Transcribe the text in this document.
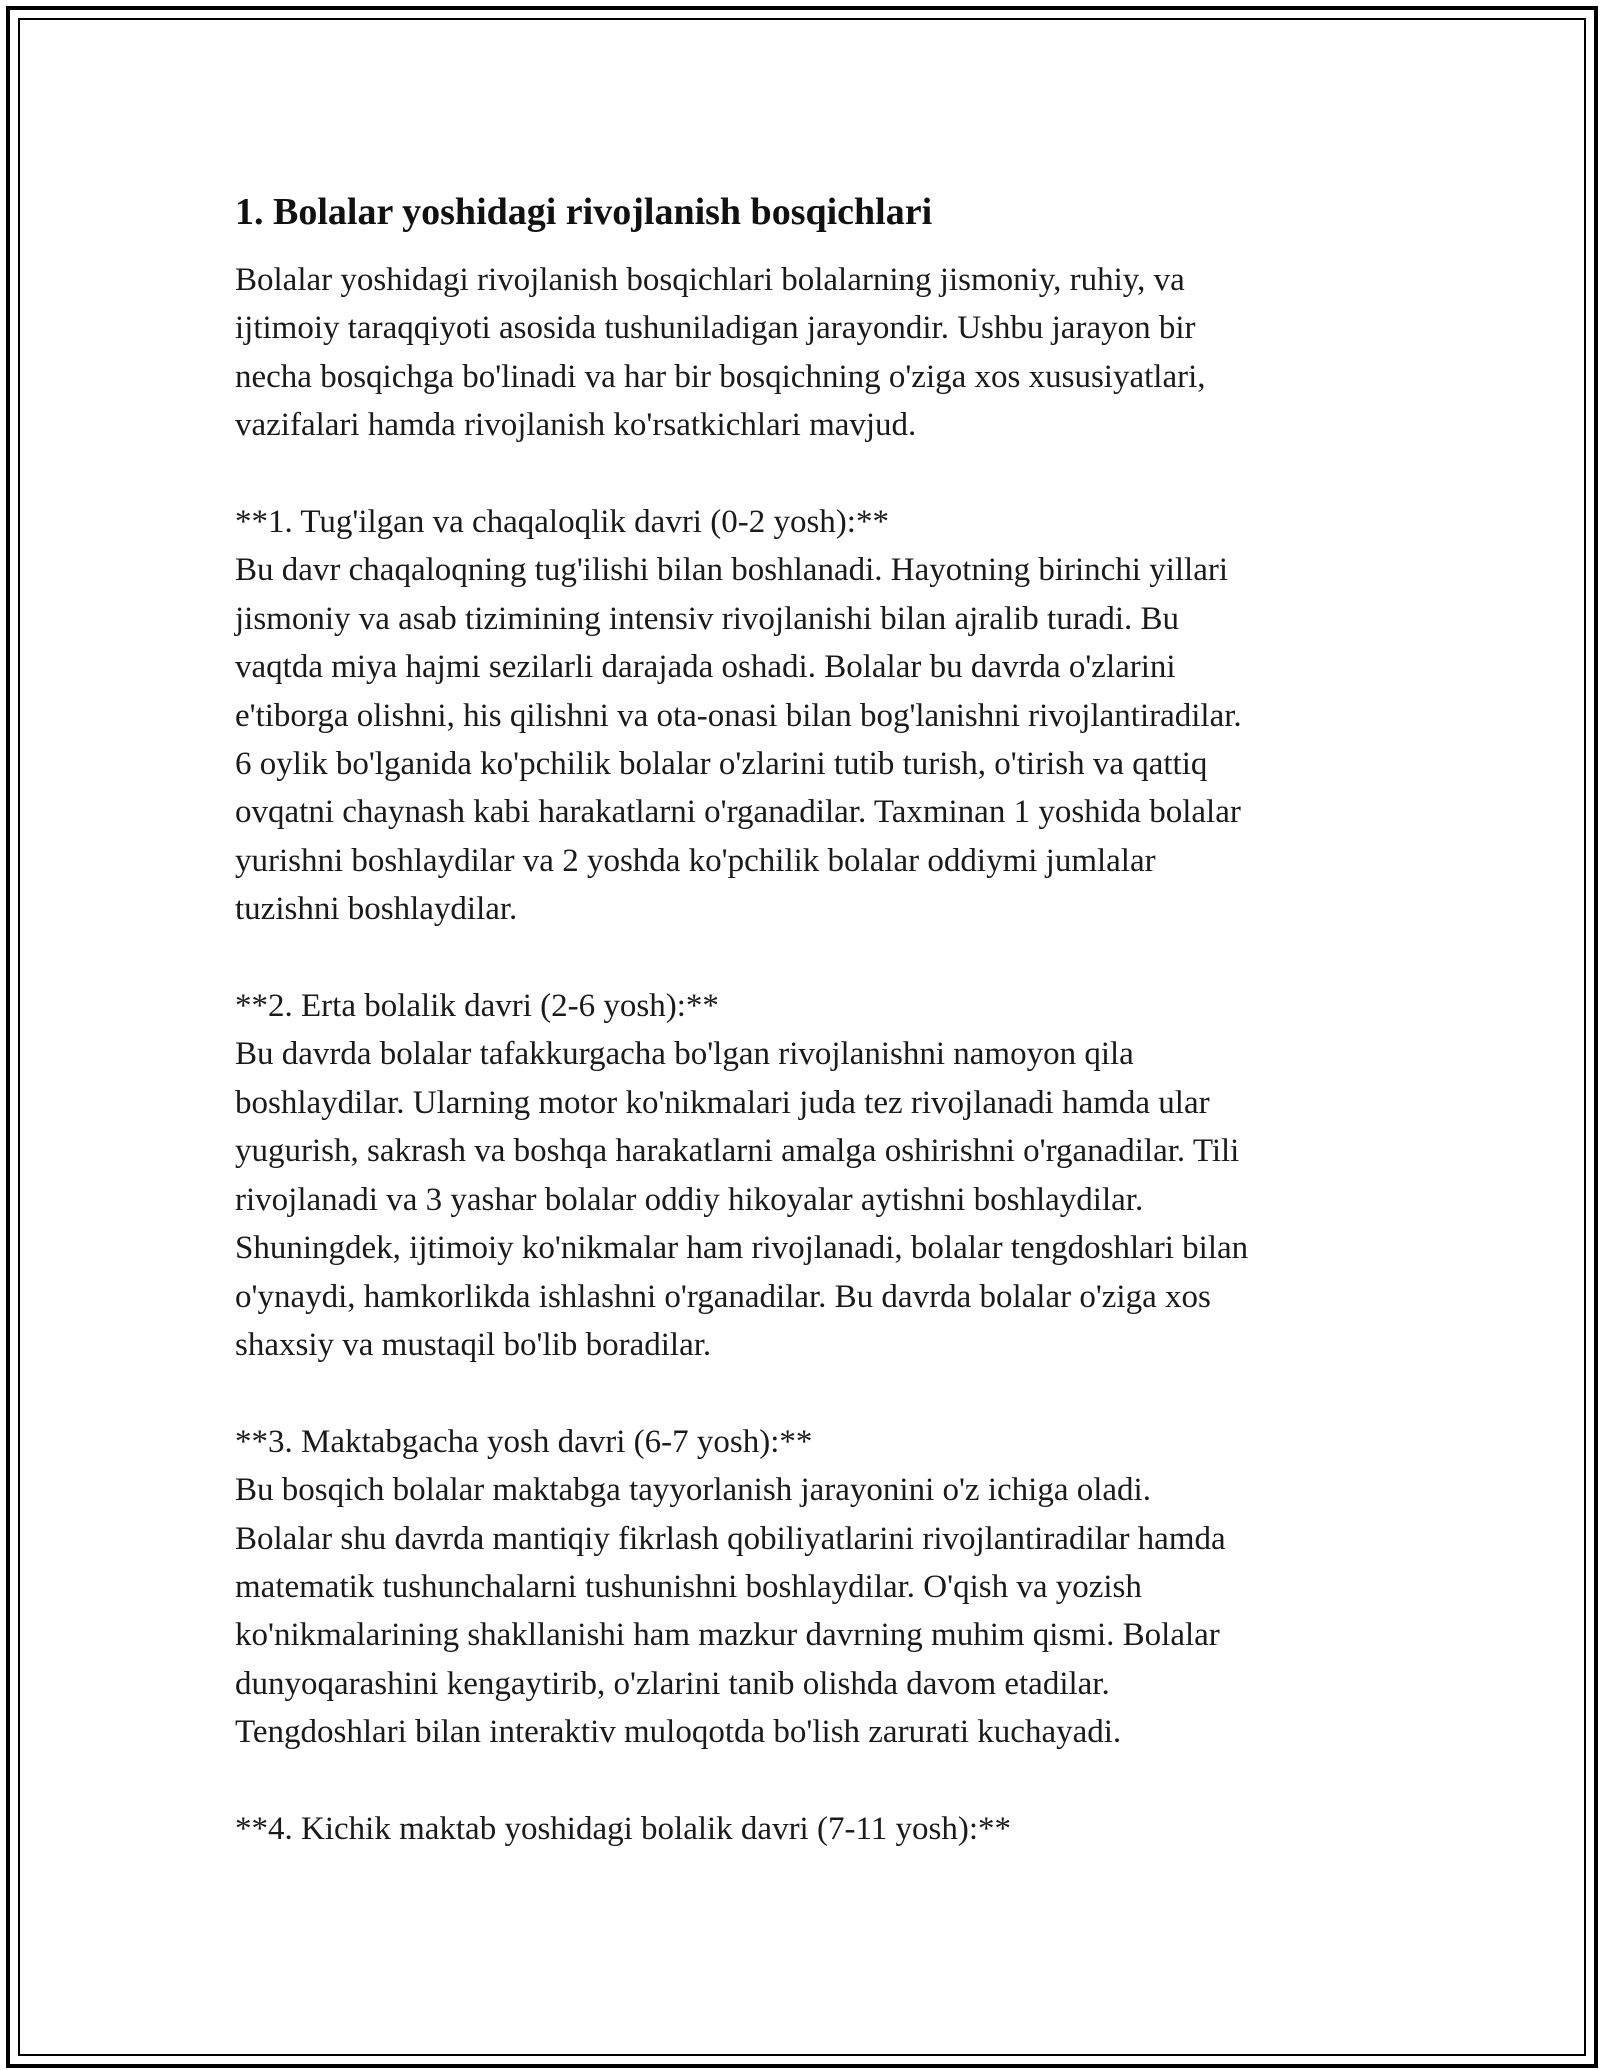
1. Bolalar yoshidagi rivojlanish bosqichlari
Bolalar yoshidagi rivojlanish bosqichlari bolalarning jismoniy, ruhiy, va
ijtimoiy taraqqiyoti asosida tushuniladigan jarayondir. Ushbu jarayon bir
necha bosqichga bo'linadi va har bir bosqichning o'ziga xos xususiyatlari,
vazifalari hamda rivojlanish ko'rsatkichlari mavjud.
**1. Tug'ilgan va chaqaloqlik davri (0-2 yosh):**
Bu davr chaqaloqning tug'ilishi bilan boshlanadi. Hayotning birinchi yillari
jismoniy va asab tizimining intensiv rivojlanishi bilan ajralib turadi. Bu
vaqtda miya hajmi sezilarli darajada oshadi. Bolalar bu davrda o'zlarini
e'tiborga olishni, his qilishni va ota-onasi bilan bog'lanishni rivojlantiradilar.
6 oylik bo'lganida ko'pchilik bolalar o'zlarini tutib turish, o'tirish va qattiq
ovqatni chaynash kabi harakatlarni o'rganadilar. Taxminan 1 yoshida bolalar
yurishni boshlaydilar va 2 yoshda ko'pchilik bolalar oddiymi jumlalar
tuzishni boshlaydilar.
**2. Erta bolalik davri (2-6 yosh):**
Bu davrda bolalar tafakkurgacha bo'lgan rivojlanishni namoyon qila
boshlaydilar. Ularning motor ko'nikmalari juda tez rivojlanadi hamda ular
yugurish, sakrash va boshqa harakatlarni amalga oshirishni o'rganadilar. Tili
rivojlanadi va 3 yashar bolalar oddiy hikoyalar aytishni boshlaydilar.
Shuningdek, ijtimoiy ko'nikmalar ham rivojlanadi, bolalar tengdoshlari bilan
o'ynaydi, hamkorlikda ishlashni o'rganadilar. Bu davrda bolalar o'ziga xos
shaxsiy va mustaqil bo'lib boradilar.
**3. Maktabgacha yosh davri (6-7 yosh):**
Bu bosqich bolalar maktabga tayyorlanish jarayonini o'z ichiga oladi.
Bolalar shu davrda mantiqiy fikrlash qobiliyatlarini rivojlantiradilar hamda
matematik tushunchalarni tushunishni boshlaydilar. O'qish va yozish
ko'nikmalarining shakllanishi ham mazkur davrning muhim qismi. Bolalar
dunyoqarashini kengaytirib, o'zlarini tanib olishda davom etadilar.
Tengdoshlari bilan interaktiv muloqotda bo'lish zarurati kuchayadi.
**4. Kichik maktab yoshidagi bolalik davri (7-11 yosh):**
